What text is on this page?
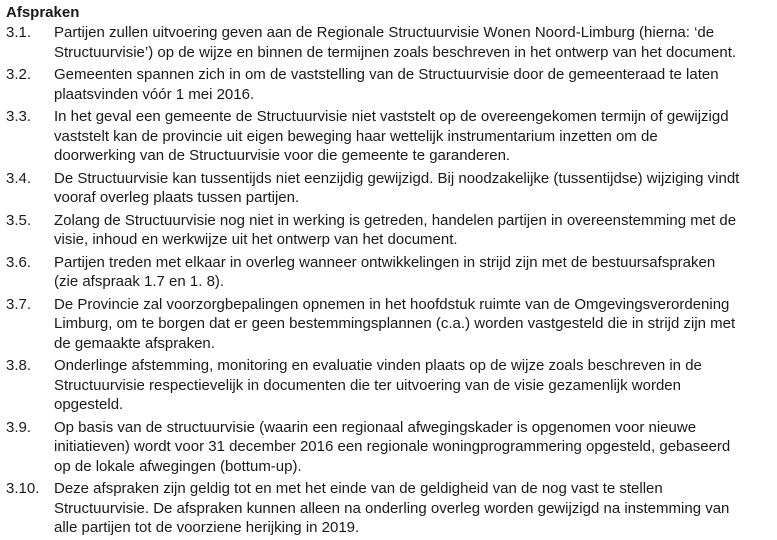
Afspraken
3.1.	Partijen zullen uitvoering geven aan de Regionale Structuurvisie Wonen Noord-Limburg (hierna: ‘de
Structuurvisie’) op de wijze en binnen de termijnen zoals beschreven in het ontwerp van het document.
3.2.	Gemeenten spannen zich in om de vaststelling van de Structuurvisie door de gemeenteraad te laten
plaatsvinden vóór 1 mei 2016.
3.3.	In het geval een gemeente de Structuurvisie niet vaststelt op de overeengekomen termijn of gewijzigd
vaststelt kan de provincie uit eigen beweging haar wettelijk instrumentarium inzetten om de
doorwerking van de Structuurvisie voor die gemeente te garanderen.
3.4.	De Structuurvisie kan tussentijds niet eenzijdig gewijzigd. Bij noodzakelijke (tussentijdse) wijziging vindt
vooraf overleg plaats tussen partijen.
3.5.	Zolang de Structuurvisie nog niet in werking is getreden, handelen partijen in overeenstemming met de
visie, inhoud en werkwijze uit het ontwerp van het document.
3.6.	Partijen treden met elkaar in overleg wanneer ontwikkelingen in strijd zijn met de bestuursafspraken
(zie afspraak 1.7 en 1. 8).
3.7.	De Provincie zal voorzorgbepalingen opnemen in het hoofdstuk ruimte van de Omgevingsverordening
Limburg, om te borgen dat er geen bestemmingsplannen (c.a.) worden vastgesteld die in strijd zijn met
de gemaakte afspraken.
3.8.	Onderlinge afstemming, monitoring en evaluatie vinden plaats op de wijze zoals beschreven in de
Structuurvisie respectievelijk in documenten die ter uitvoering van de visie gezamenlijk worden
opgesteld.
3.9.	Op basis van de structuurvisie (waarin een regionaal afwegingskader is opgenomen voor nieuwe
initiatieven) wordt voor 31 december 2016 een regionale woningprogrammering opgesteld, gebaseerd
op de lokale afwegingen (bottum-up).
3.10. Deze afspraken zijn geldig tot en met het einde van de geldigheid van de nog vast te stellen
Structuurvisie. De afspraken kunnen alleen na onderling overleg worden gewijzigd na instemming van
alle partijen tot de voorziene herijking in 2019.
